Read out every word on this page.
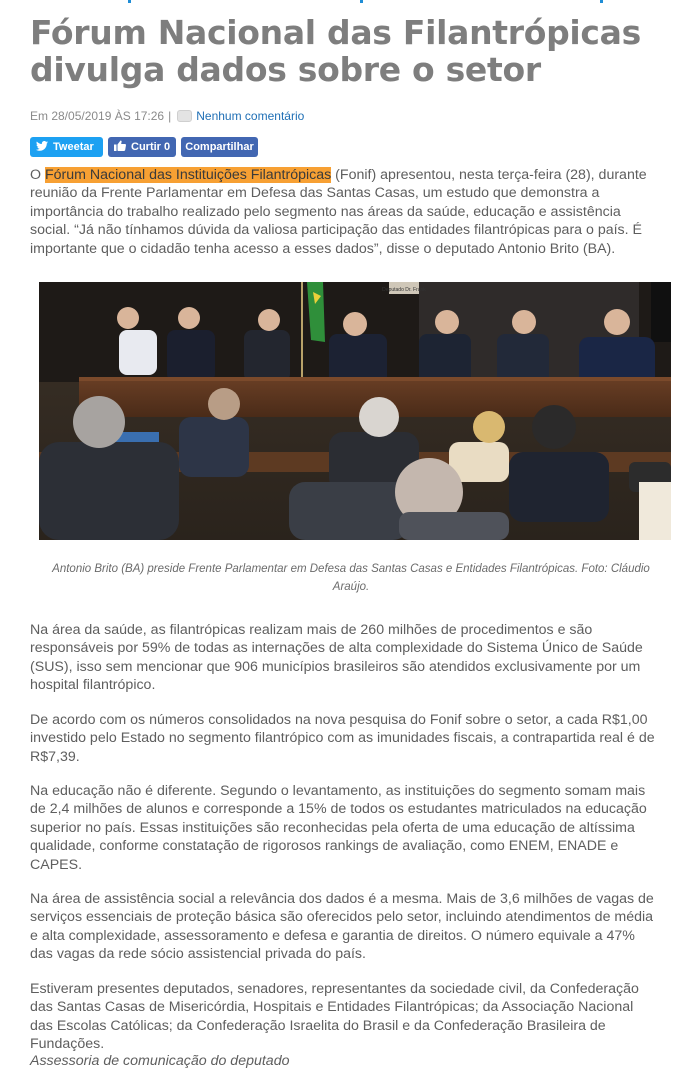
Fórum Nacional das Filantrópicas divulga dados sobre o setor
Em 28/05/2019 ÀS 17:26 | Nenhum comentário
Tweetar	Curtir
0 Compartilhar

O Fórum Nacional das Instituições Filantrópicas (Fonif) apresentou, nesta terça-feira (28), durante reunião da Frente Parlamentar em Defesa das Santas Casas, um estudo que demonstra a importância do trabalho realizado pelo segmento nas áreas da saúde, educação e assistência social. “Já não tínhamos dúvida da valiosa participação das entidades filantrópicas para o país. É importante que o cidadão tenha acesso a esses dados”, disse o deputado Antonio Brito (BA).

Deputado Dr. Frank
Antonio Brito (BA) preside Frente Parlamentar em Defesa das Santas Casas e Entidades Filantrópicas. Foto: Cláudio Araújo.

Na área da saúde, as filantrópicas realizam mais de 260 milhões de procedimentos e são responsáveis por 59% de todas as internações de alta complexidade do Sistema Único de Saúde (SUS), isso sem mencionar que 906 municípios brasileiros são atendidos exclusivamente por um hospital filantrópico.

De acordo com os números consolidados na nova pesquisa do Fonif sobre o setor, a cada R$1,00 investido pelo Estado no segmento filantrópico com as imunidades fiscais, a contrapartida real é de R$7,39.

Na educação não é diferente. Segundo o levantamento, as instituições do segmento somam mais de 2,4 milhões de alunos e corresponde a 15% de todos os estudantes matriculados na educação superior no país. Essas instituições são reconhecidas pela oferta de uma educação de altíssima qualidade, conforme constatação de rigorosos rankings de avaliação, como ENEM, ENADE e CAPES.

Na área de assistência social a relevância dos dados é a mesma. Mais de 3,6 milhões de vagas de serviços essenciais de proteção básica são oferecidos pelo setor, incluindo atendimentos de média e alta complexidade, assessoramento e defesa e garantia de direitos. O número equivale a 47% das vagas da rede sócio assistencial privada do país.

Estiveram presentes deputados, senadores, representantes da sociedade civil, da Confederação das Santas Casas de Misericórdia, Hospitais e Entidades Filantrópicas; da Associação Nacional das Escolas Católicas; da Confederação Israelita do Brasil e da Confederação Brasileira de Fundações.

Assessoria de comunicação do deputado
